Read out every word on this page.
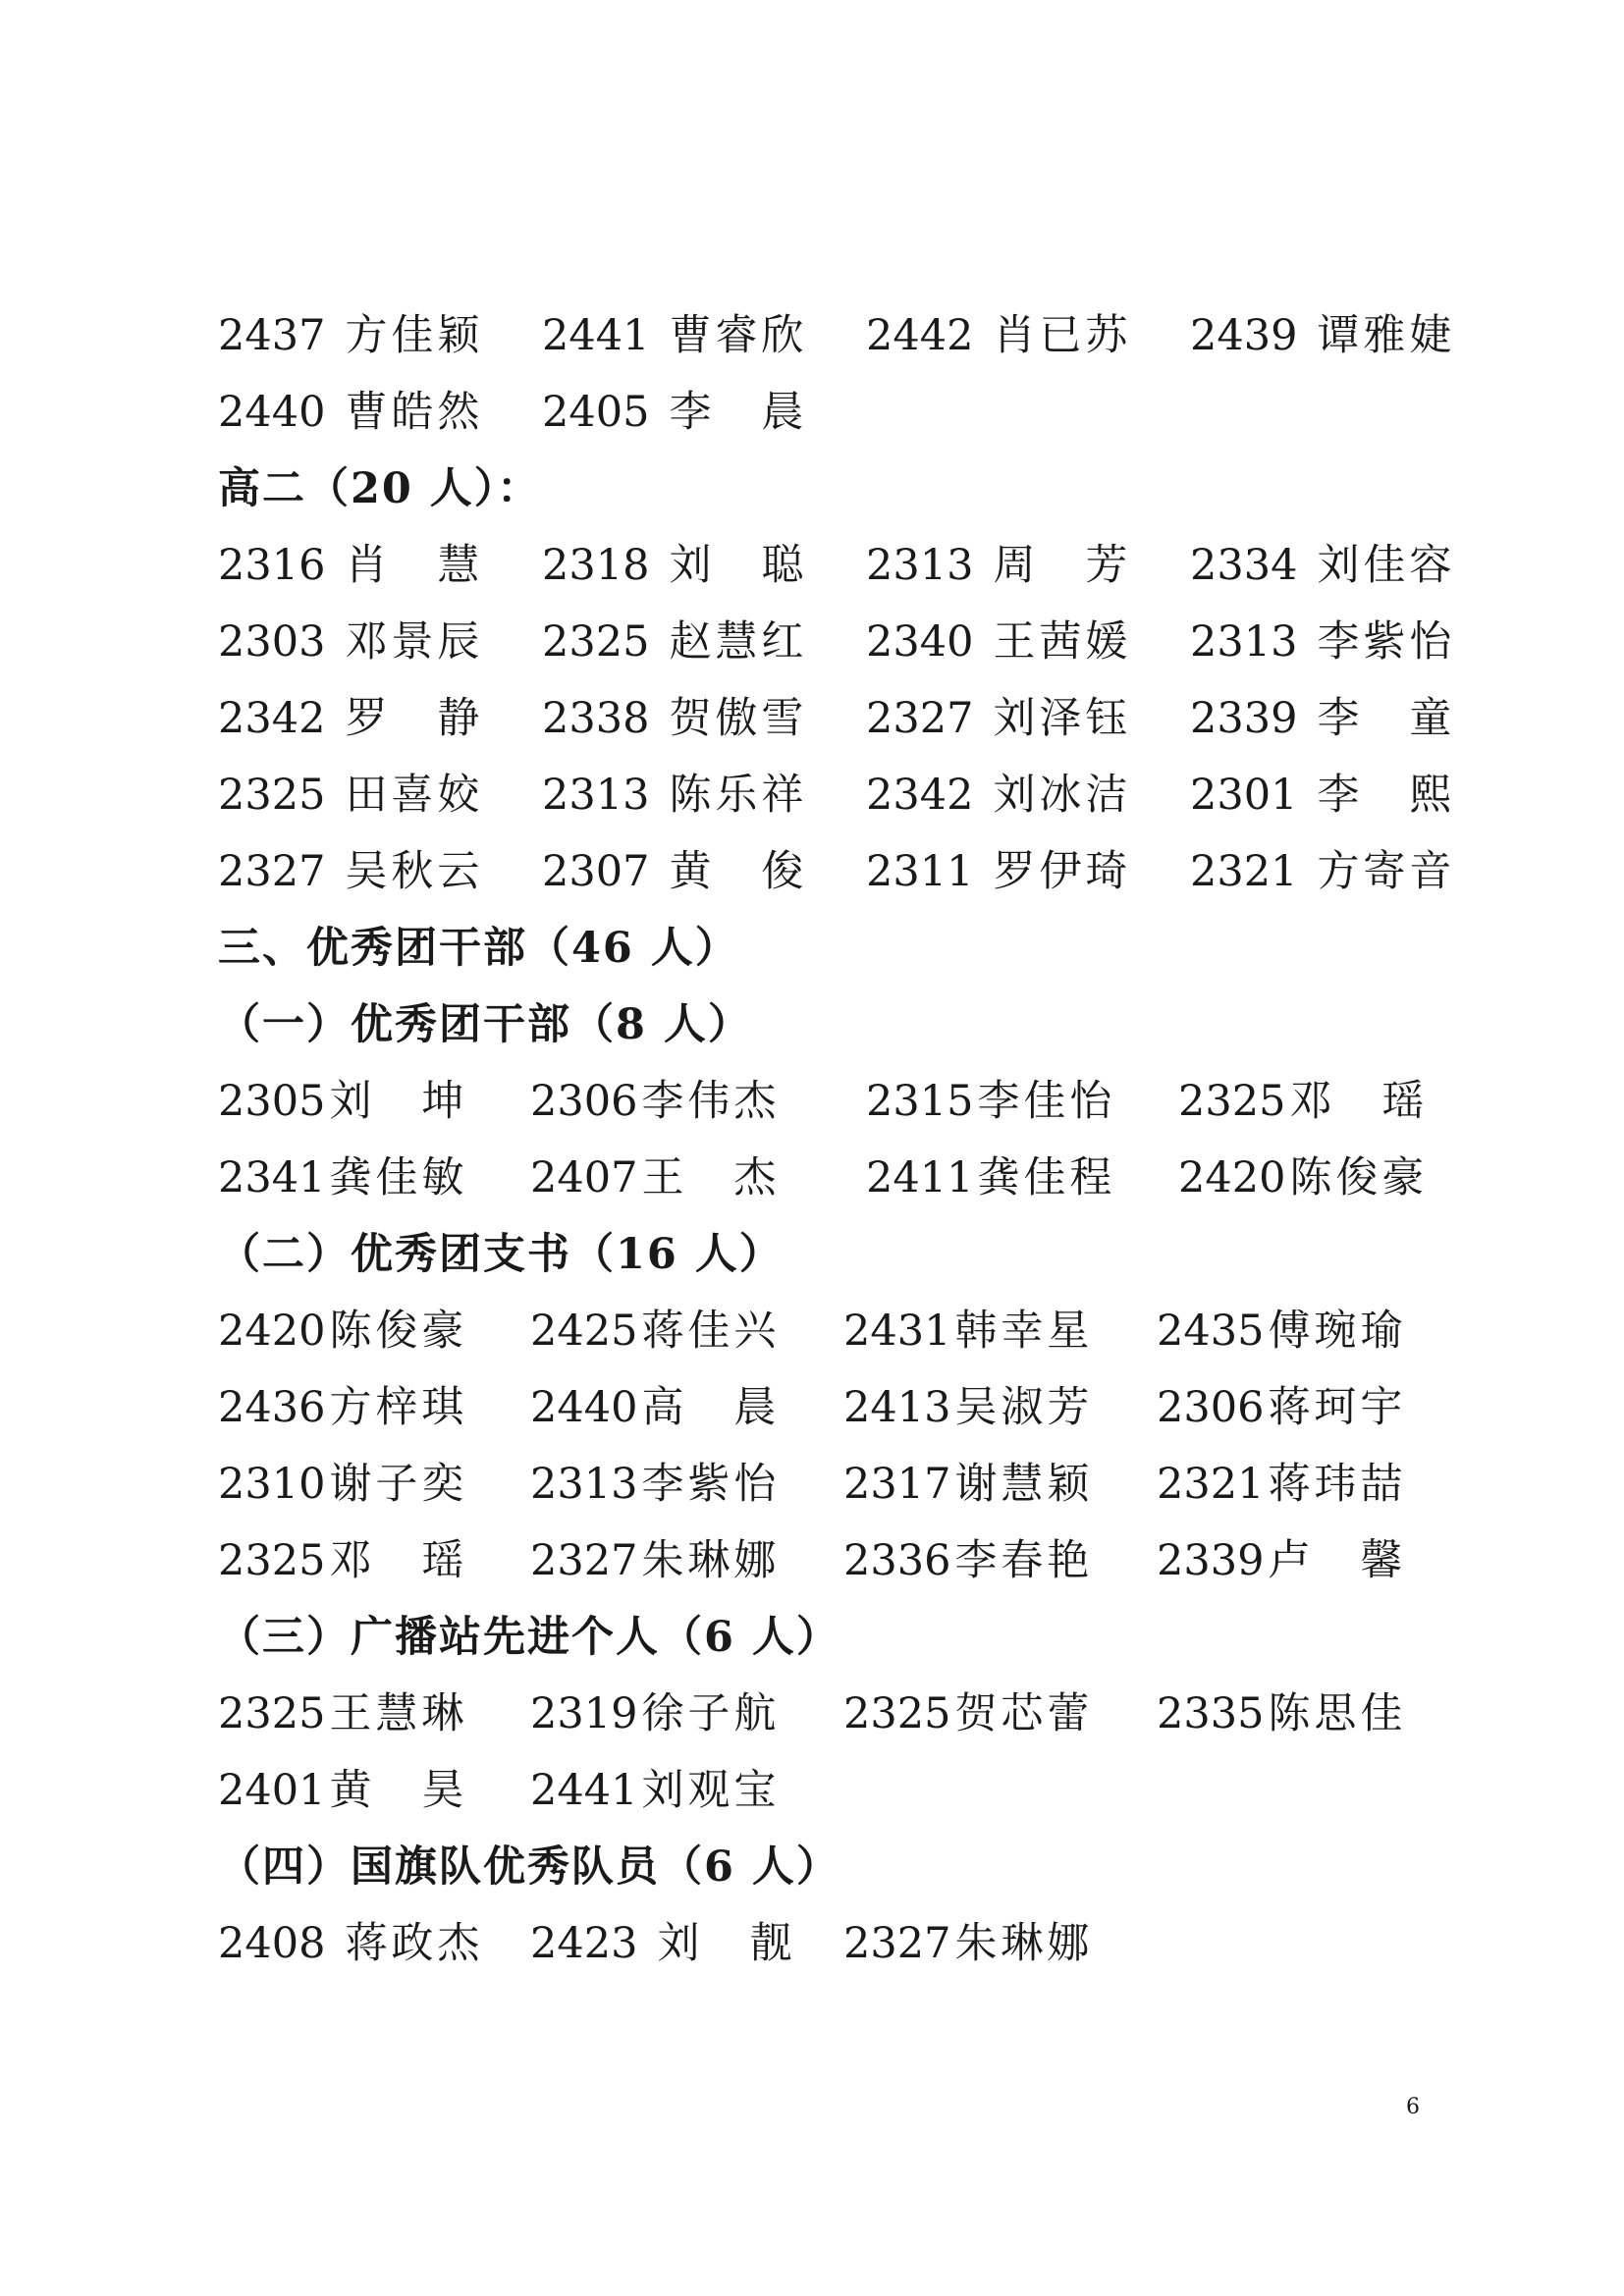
2437 方佳颖 2441 曹睿欣 2442 肖已苏 2439 谭雅婕
2440 曹皓然 2405 李　晨
高二（20 人）：
2316 肖　慧 2318 刘　聪 2313 周　芳 2334 刘佳容
2303 邓景辰 2325 赵慧红 2340 王茜媛 2313 李紫怡
2342 罗　静 2338 贺傲雪 2327 刘泽钰 2339 李　童
2325 田喜姣 2313 陈乐祥 2342 刘冰洁 2301 李　熙
2327 吴秋云 2307 黄　俊 2311 罗伊琦 2321 方寄音
三、优秀团干部（46 人）
（一）优秀团干部（8 人）
2305刘　坤 2306李伟杰 2315李佳怡 2325邓　瑶
2341龚佳敏 2407王　杰 2411龚佳程 2420陈俊豪
（二）优秀团支书（16 人）
2420陈俊豪 2425蒋佳兴 2431韩幸星 2435傅琬瑜
2436方梓琪 2440高　晨 2413吴淑芳 2306蒋珂宇
2310谢子奕 2313李紫怡 2317谢慧颖 2321蒋玮喆
2325邓　瑶 2327朱琳娜 2336李春艳 2339卢　馨
（三）广播站先进个人（6 人）
2325王慧琳 2319徐子航 2325贺芯蕾 2335陈思佳
2401黄　昊 2441刘观宝
（四）国旗队优秀队员（6 人）
2408 蒋政杰 2423 刘　靓 2327朱琳娜
6
